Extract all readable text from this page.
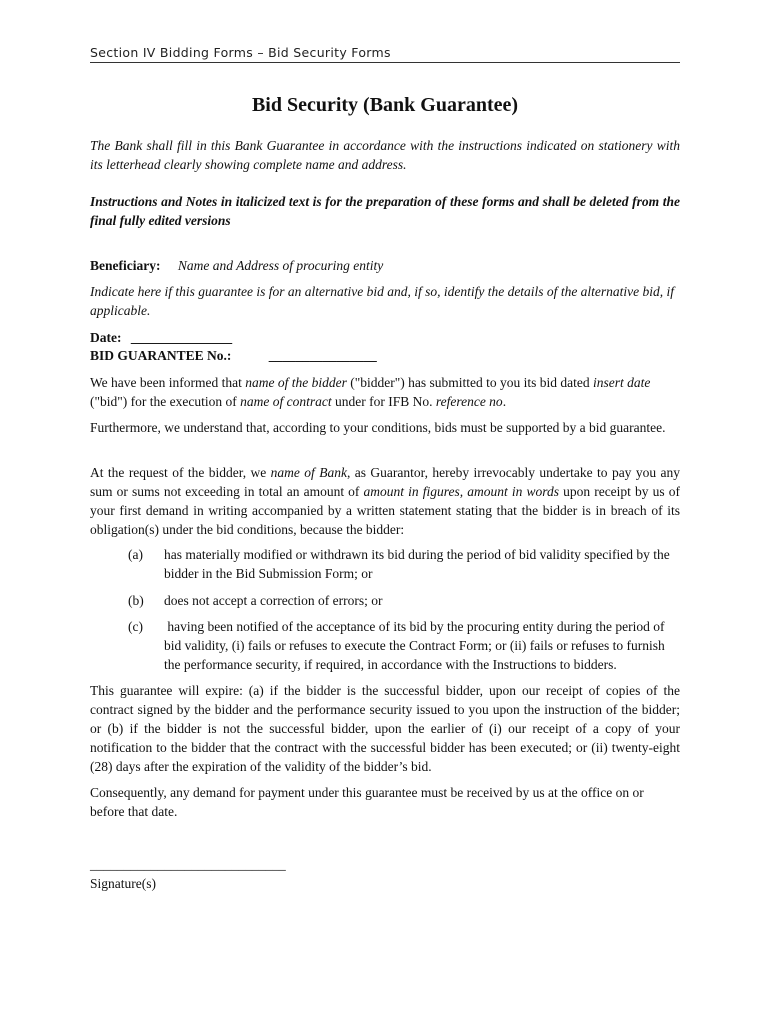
Section IV Bidding Forms – Bid Security Forms
Bid Security (Bank Guarantee)
The Bank shall fill in this Bank Guarantee in accordance with the instructions indicated on stationery with its letterhead clearly showing complete name and address.
Instructions and Notes in italicized text is for the preparation of these forms and shall be deleted from the final fully edited versions
Beneficiary: Name and Address of procuring entity
Indicate here if this guarantee is for an alternative bid and, if so, identify the details of the alternative bid, if applicable.
Date: _______________
BID GUARANTEE No.:	________________
We have been informed that name of the bidder ("bidder") has submitted to you its bid dated insert date ("bid") for the execution of name of contract under for IFB No. reference no.
Furthermore, we understand that, according to your conditions, bids must be supported by a bid guarantee.
At the request of the bidder, we name of Bank, as Guarantor, hereby irrevocably undertake to pay you any sum or sums not exceeding in total an amount of amount in figures, amount in words upon receipt by us of your first demand in writing accompanied by a written statement stating that the bidder is in breach of its obligation(s) under the bid conditions, because the bidder:
(a) has materially modified or withdrawn its bid during the period of bid validity specified by the bidder in the Bid Submission Form; or
(b) does not accept a correction of errors; or
(c) having been notified of the acceptance of its bid by the procuring entity during the period of bid validity, (i) fails or refuses to execute the Contract Form; or (ii) fails or refuses to furnish the performance security, if required, in accordance with the Instructions to bidders.
This guarantee will expire: (a) if the bidder is the successful bidder, upon our receipt of copies of the contract signed by the bidder and the performance security issued to you upon the instruction of the bidder; or (b) if the bidder is not the successful bidder, upon the earlier of (i) our receipt of a copy of your notification to the bidder that the contract with the successful bidder has been executed; or (ii) twenty-eight (28) days after the expiration of the validity of the bidder’s bid.
Consequently, any demand for payment under this guarantee must be received by us at the office on or before that date.
_____________________________
Signature(s)
